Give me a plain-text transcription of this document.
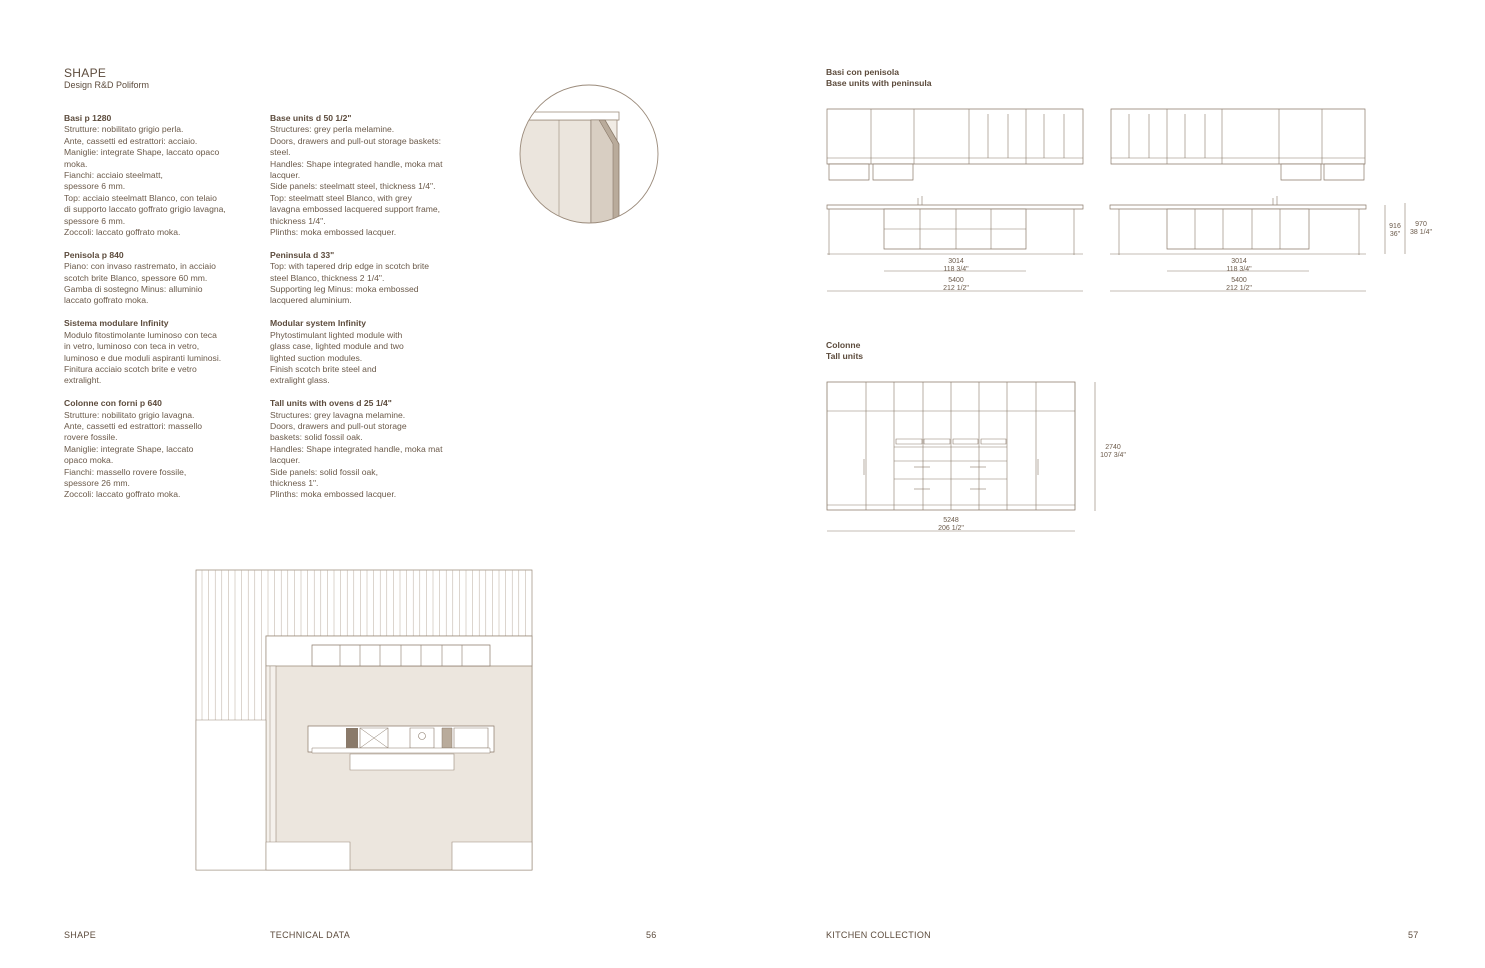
SHAPE
Design R&D Poliform
Basi p 1280
Strutture: nobilitato grigio perla.
Ante, cassetti ed estrattori: acciaio.
Maniglie: integrate Shape, laccato opaco
moka.
Fianchi: acciaio steelmatt,
spessore 6 mm.
Top: acciaio steelmatt Blanco, con telaio
di supporto laccato goffrato grigio lavagna,
spessore 6 mm.
Zoccoli: laccato goffrato moka.
Penisola p 840
Piano: con invaso rastremato, in acciaio
scotch brite Blanco, spessore 60 mm.
Gamba di sostegno Minus: alluminio
laccato goffrato moka.
Sistema modulare Infinity
Modulo fitostimolante luminoso con teca
in vetro, luminoso con teca in vetro,
luminoso e due moduli aspiranti luminosi.
Finitura acciaio scotch brite e vetro
extralight.
Colonne con forni p 640
Strutture: nobilitato grigio lavagna.
Ante, cassetti ed estrattori: massello
rovere fossile.
Maniglie: integrate Shape, laccato
opaco moka.
Fianchi: massello rovere fossile,
spessore 26 mm.
Zoccoli: laccato goffrato moka.
Base units d 50 1/2"
Structures: grey perla melamine.
Doors, drawers and pull-out storage baskets:
steel.
Handles: Shape integrated handle, moka mat
lacquer.
Side panels: steelmatt steel, thickness 1/4".
Top: steelmatt steel Blanco, with grey
lavagna embossed lacquered support frame,
thickness 1/4".
Plinths: moka embossed lacquer.
Peninsula d 33"
Top: with tapered drip edge in scotch brite
steel Blanco, thickness 2 1/4".
Supporting leg Minus: moka embossed
lacquered aluminium.
Modular system Infinity
Phytostimulant lighted module with
glass case, lighted module and two
lighted suction modules.
Finish scotch brite steel and
extralight glass.
Tall units with ovens d 25 1/4"
Structures: grey lavagna melamine.
Doors, drawers and pull-out storage
baskets: solid fossil oak.
Handles: Shape integrated handle, moka mat
lacquer.
Side panels: solid fossil oak,
thickness 1".
Plinths: moka embossed lacquer.
Basi con penisola
Base units with peninsula
3014
118 3/4"
5400
212 1/2"
3014
118 3/4"
5400
212 1/2"
916
36"
970
38 1/4"
Colonne
Tall units
5248
206 1/2"
2740
107 3/4"
SHAPE	TECHNICAL DATA	56	KITCHEN COLLECTION	57
